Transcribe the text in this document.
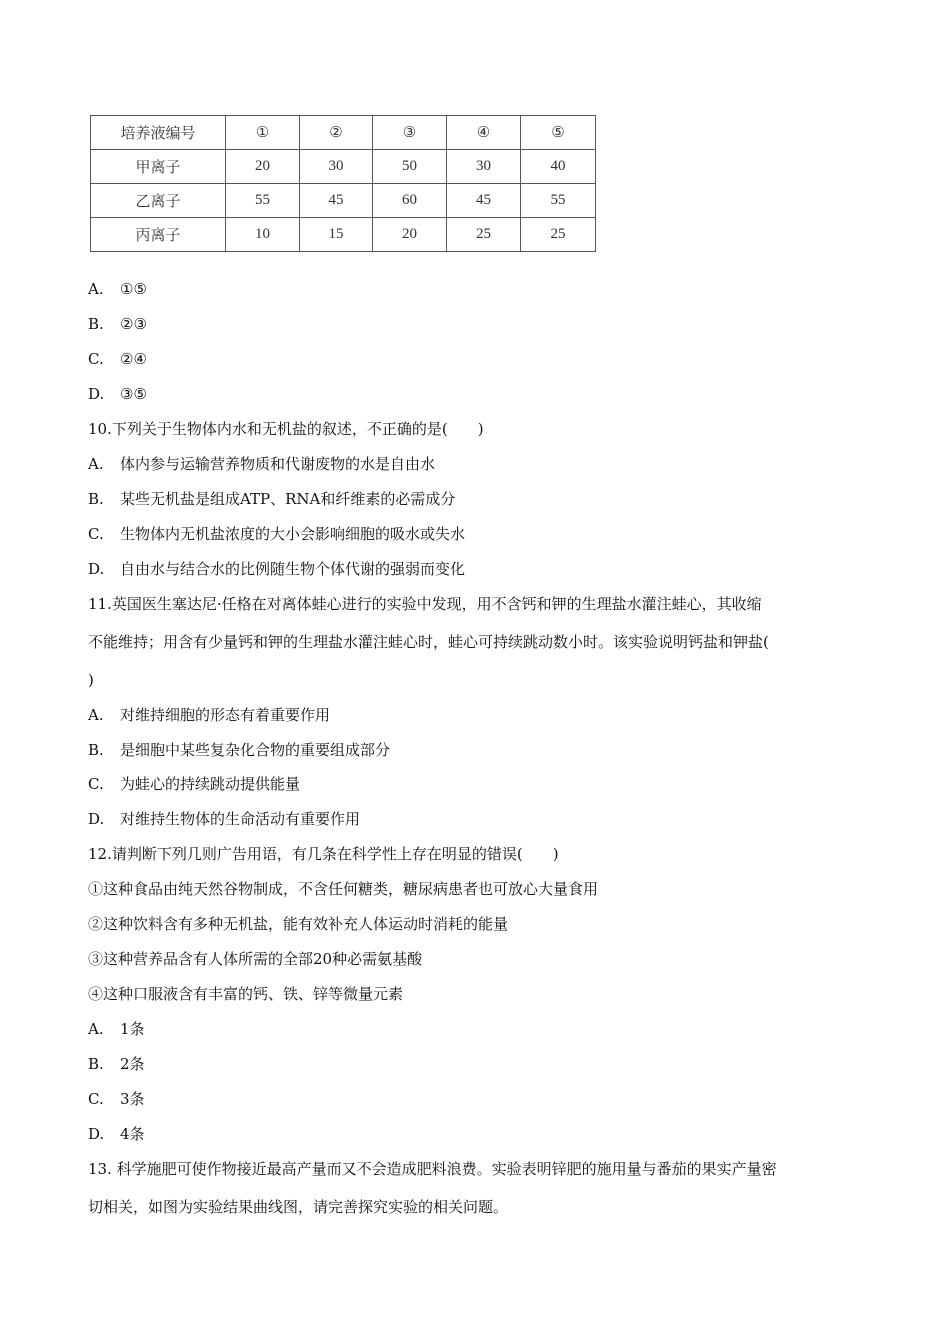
培养液编号	①	②	③	④	⑤
甲离子	20	30	50	30	40
乙离子	55	45	60	45	55
丙离子	10	15	20	25	25
A. ①⑤
B. ②③
C. ②④
D. ③⑤
10.下列关于生物体内水和无机盐的叙述，不正确的是(　　)
A. 体内参与运输营养物质和代谢废物的水是自由水
B. 某些无机盐是组成ATP、RNA和纤维素的必需成分
C. 生物体内无机盐浓度的大小会影响细胞的吸水或失水
D. 自由水与结合水的比例随生物个体代谢的强弱而变化
11.英国医生塞达尼·任格在对离体蛙心进行的实验中发现，用不含钙和钾的生理盐水灌注蛙心，其收缩
不能维持；用含有少量钙和钾的生理盐水灌注蛙心时，蛙心可持续跳动数小时。该实验说明钙盐和钾盐(
)
A. 对维持细胞的形态有着重要作用
B. 是细胞中某些复杂化合物的重要组成部分
C. 为蛙心的持续跳动提供能量
D. 对维持生物体的生命活动有重要作用
12.请判断下列几则广告用语，有几条在科学性上存在明显的错误(　　)
①这种食品由纯天然谷物制成，不含任何糖类，糖尿病患者也可放心大量食用
②这种饮料含有多种无机盐，能有效补充人体运动时消耗的能量
③这种营养品含有人体所需的全部20种必需氨基酸
④这种口服液含有丰富的钙、铁、锌等微量元素
A. 1条
B. 2条
C. 3条
D. 4条
13. 科学施肥可使作物接近最高产量而又不会造成肥料浪费。实验表明锌肥的施用量与番茄的果实产量密
切相关，如图为实验结果曲线图，请完善探究实验的相关问题。
